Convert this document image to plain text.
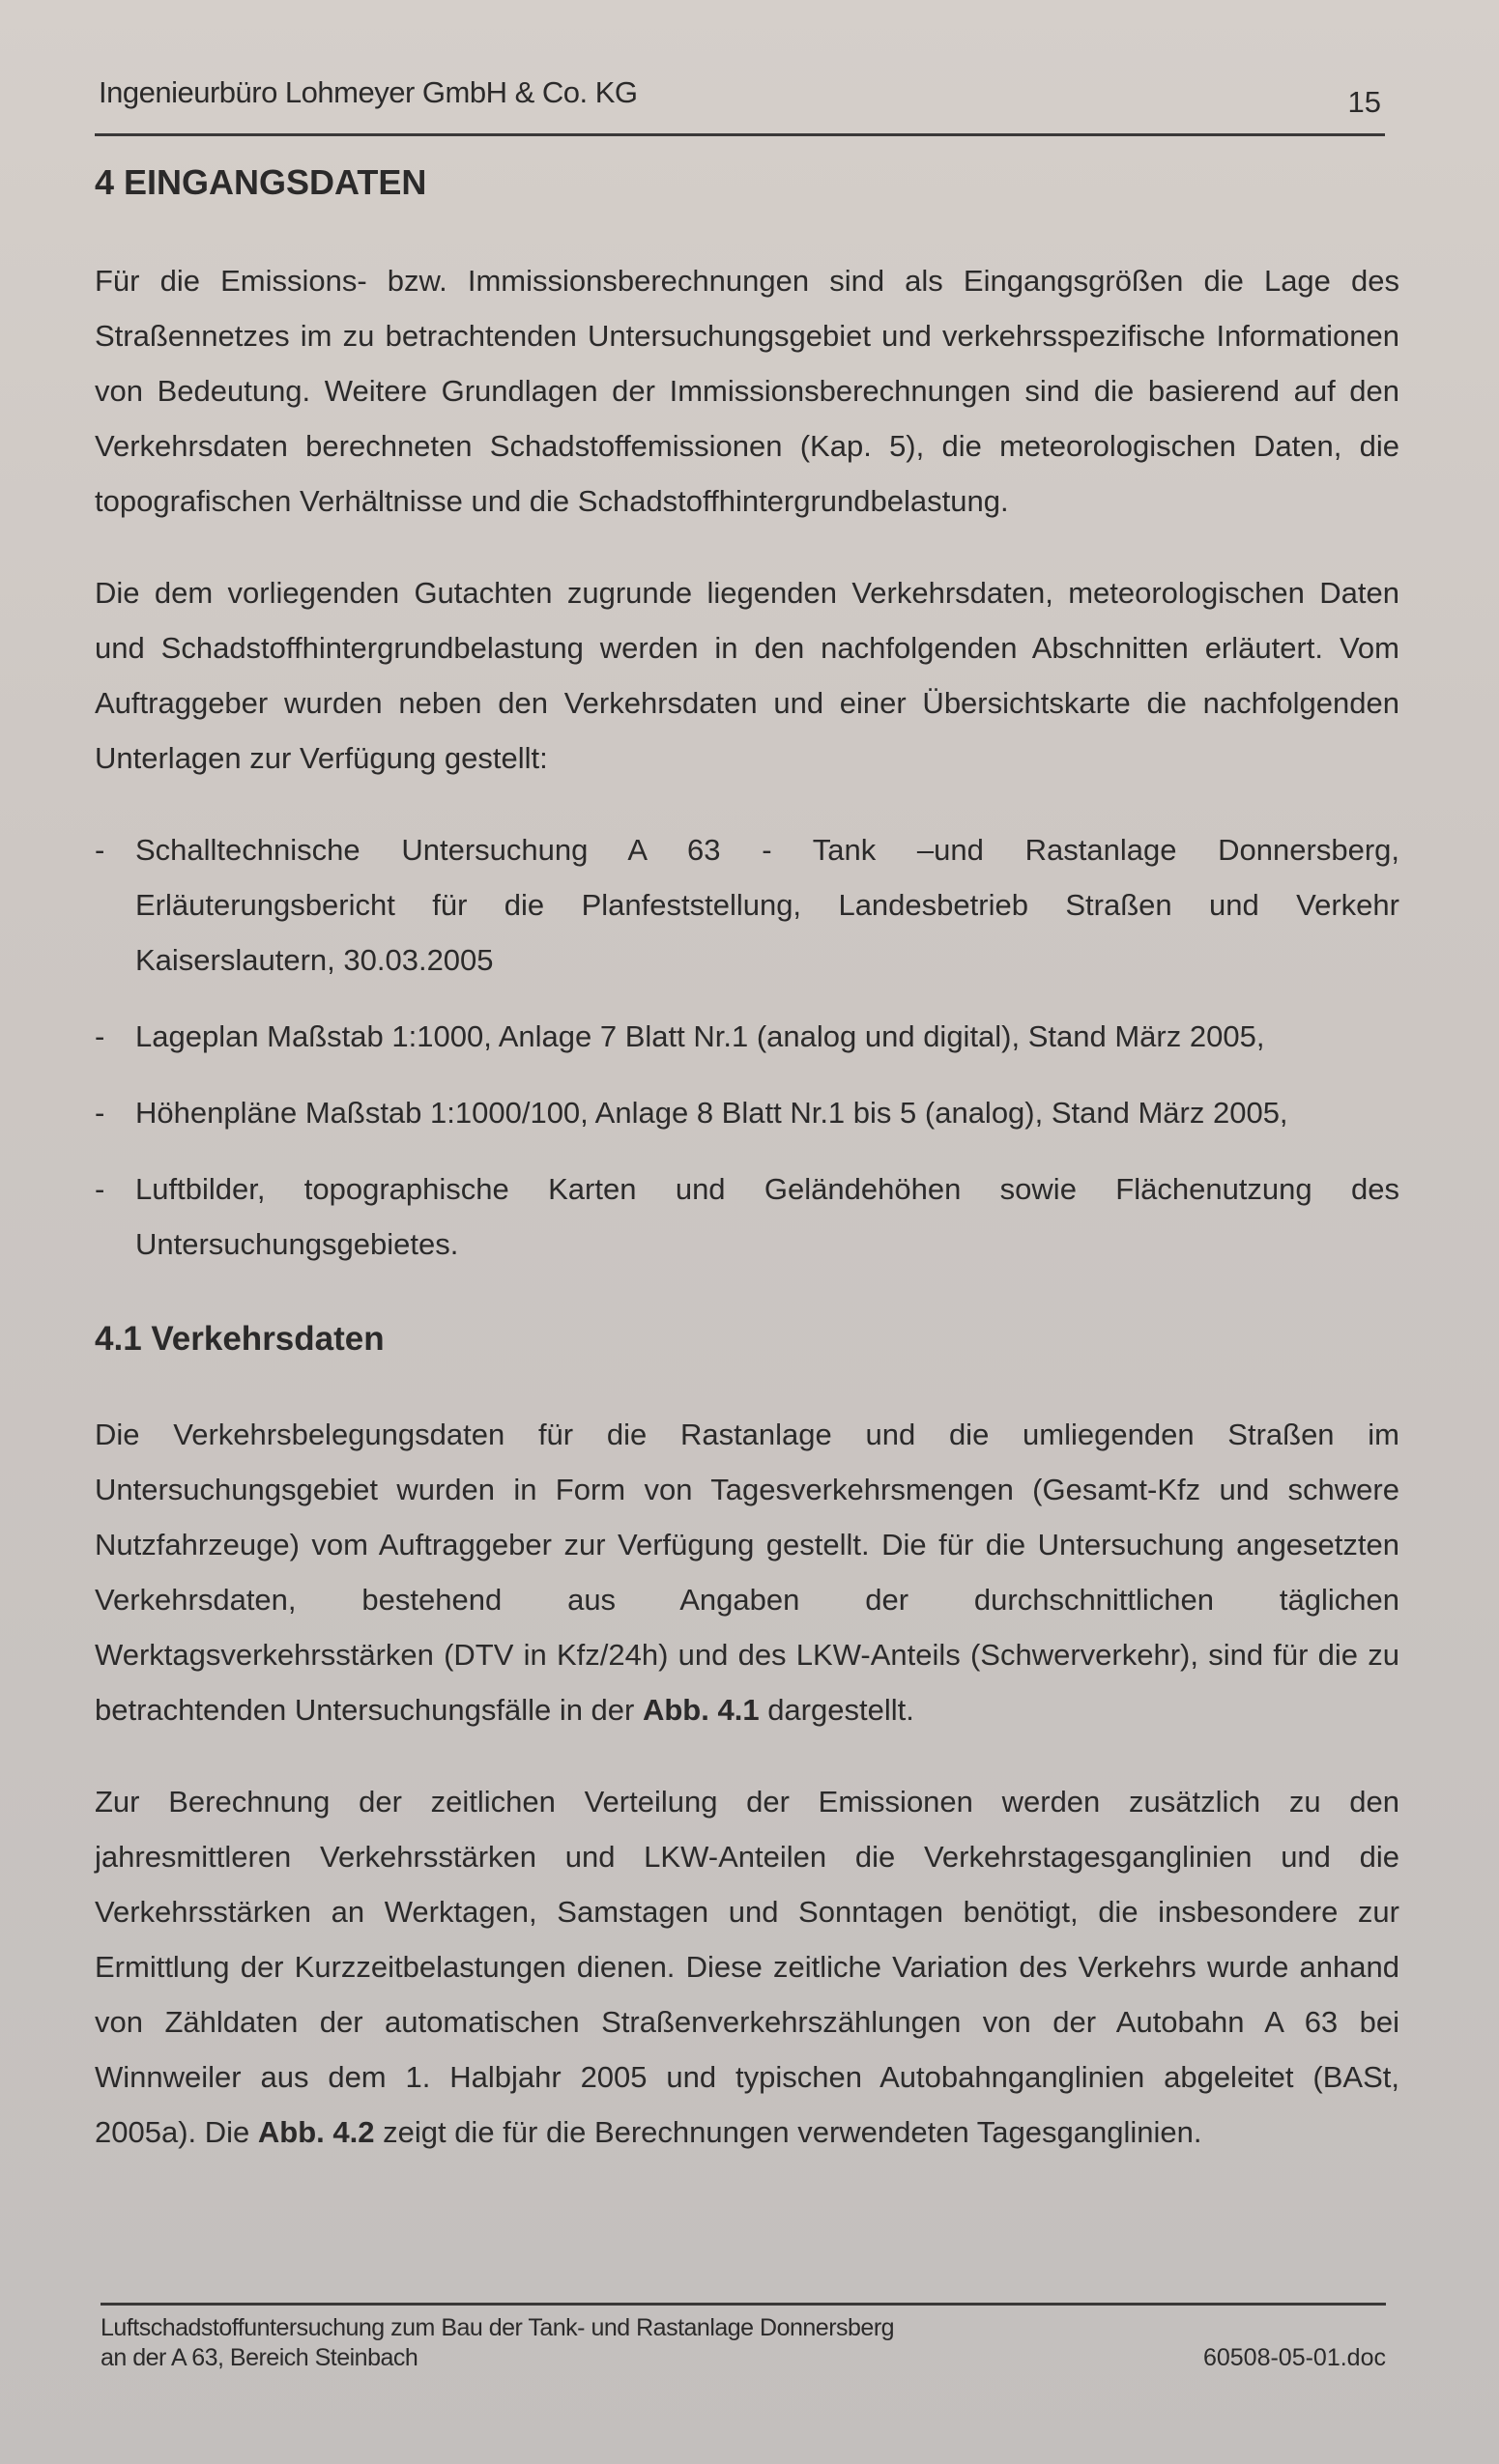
Ingenieurbüro Lohmeyer GmbH & Co. KG	15
4 EINGANGSDATEN

Für die Emissions- bzw. Immissionsberechnungen sind als Eingangsgrößen die Lage des Straßennetzes im zu betrachtenden Untersuchungsgebiet und verkehrsspezifische Informationen von Bedeutung. Weitere Grundlagen der Immissionsberechnungen sind die basierend auf den Verkehrsdaten berechneten Schadstoffemissionen (Kap. 5), die meteorologischen Daten, die topografischen Verhältnisse und die Schadstoffhintergrundbelastung.

Die dem vorliegenden Gutachten zugrunde liegenden Verkehrsdaten, meteorologischen Daten und Schadstoffhintergrundbelastung werden in den nachfolgenden Abschnitten erläutert. Vom Auftraggeber wurden neben den Verkehrsdaten und einer Übersichtskarte die nachfolgenden Unterlagen zur Verfügung gestellt:

- Schalltechnische Untersuchung A 63 - Tank –und Rastanlage Donnersberg, Erläuterungsbericht für die Planfeststellung, Landesbetrieb Straßen und Verkehr Kaiserslautern, 30.03.2005
- Lageplan Maßstab 1:1000, Anlage 7 Blatt Nr.1 (analog und digital), Stand März 2005,
- Höhenpläne Maßstab 1:1000/100, Anlage 8 Blatt Nr.1 bis 5 (analog), Stand März 2005,
- Luftbilder, topographische Karten und Geländehöhen sowie Flächenutzung des Untersuchungsgebietes.
4.1 Verkehrsdaten

Die Verkehrsbelegungsdaten für die Rastanlage und die umliegenden Straßen im Untersuchungsgebiet wurden in Form von Tagesverkehrsmengen (Gesamt-Kfz und schwere Nutzfahrzeuge) vom Auftraggeber zur Verfügung gestellt. Die für die Untersuchung angesetzten Verkehrsdaten, bestehend aus Angaben der durchschnittlichen täglichen Werktagsverkehrsstärken (DTV in Kfz/24h) und des LKW-Anteils (Schwerverkehr), sind für die zu betrachtenden Untersuchungsfälle in der Abb. 4.1 dargestellt.

Zur Berechnung der zeitlichen Verteilung der Emissionen werden zusätzlich zu den jahresmittleren Verkehrsstärken und LKW-Anteilen die Verkehrstagesganglinien und die Verkehrsstärken an Werktagen, Samstagen und Sonntagen benötigt, die insbesondere zur Ermittlung der Kurzzeitbelastungen dienen. Diese zeitliche Variation des Verkehrs wurde anhand von Zähldaten der automatischen Straßenverkehrszählungen von der Autobahn A 63 bei Winnweiler aus dem 1. Halbjahr 2005 und typischen Autobahnganglinien abgeleitet (BASt, 2005a). Die Abb. 4.2 zeigt die für die Berechnungen verwendeten Tagesganglinien.

Luftschadstoffuntersuchung zum Bau der Tank- und Rastanlage Donnersberg
an der A 63, Bereich Steinbach	60508-05-01.doc
